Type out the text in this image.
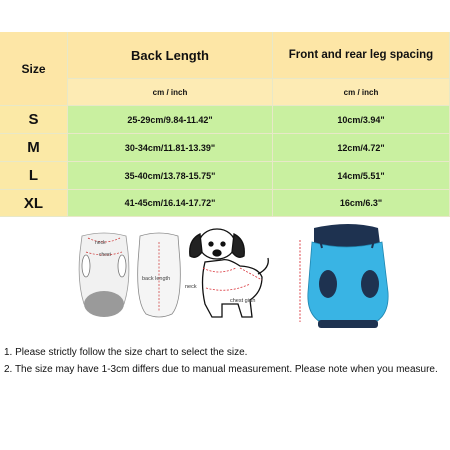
Size
Back Length	Front and rear leg spacing
cm / inch	cm / inch
S	25-29cm/9.84-11.42"	10cm/3.94"
M	30-34cm/11.81-13.39"	12cm/4.72"
L	35-40cm/13.78-15.75"	14cm/5.51"
XL	41-45cm/16.14-17.72"	16cm/6.3"
neck
chest
back length
neck
chest girth
1. Please strictly follow the size chart to select the size.
2. The size may have 1-3cm differs due to manual measurement. Please note when you measure.
